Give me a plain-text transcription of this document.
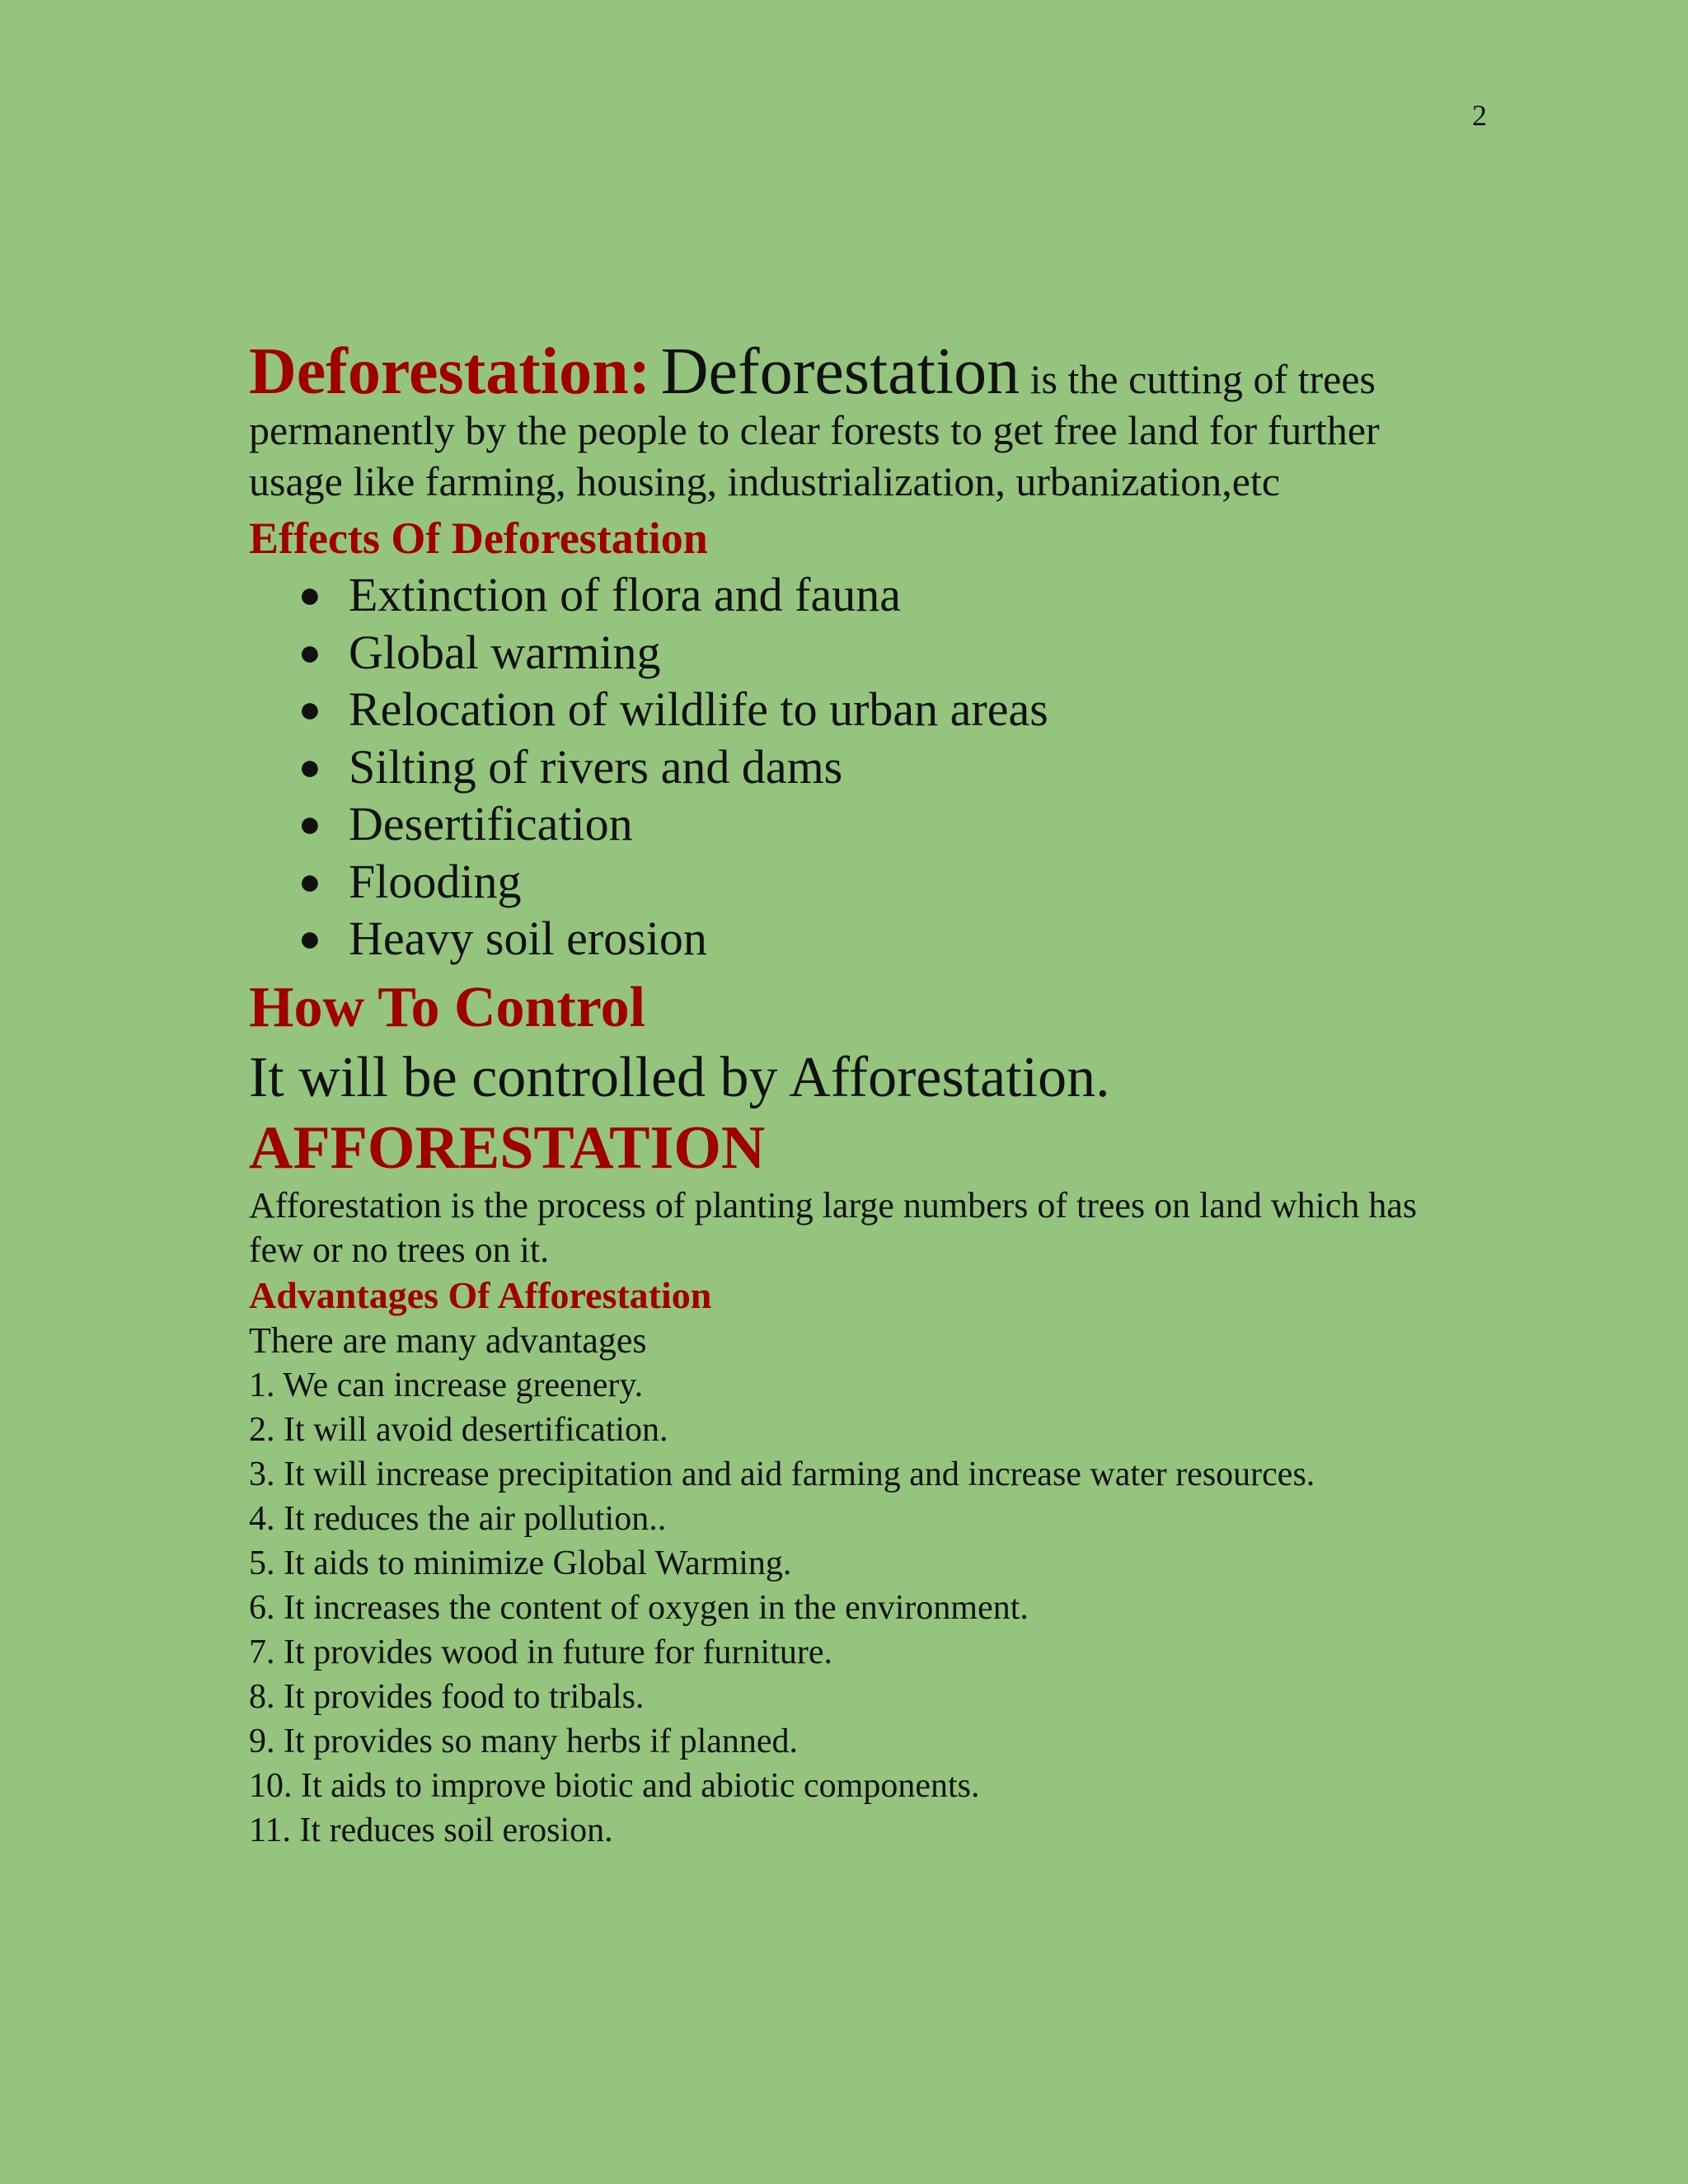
2

Deforestation: Deforestation is the cutting of trees permanently by the people to clear forests to get free land for further usage like farming, housing, industrialization, urbanization,etc

Effects Of Deforestation
● Extinction of flora and fauna
● Global warming
● Relocation of wildlife to urban areas
● Silting of rivers and dams
● Desertification
● Flooding
● Heavy soil erosion
How To Control

It will be controlled by Afforestation.

AFFORESTATION

Afforestation is the process of planting large numbers of trees on land which has few or no trees on it.

Advantages Of Afforestation

There are many advantages

1. We can increase greenery.
2. It will avoid desertification.
3. It will increase precipitation and aid farming and increase water resources.
4. It reduces the air pollution..
5. It aids to minimize Global Warming.
6. It increases the content of oxygen in the environment.
7. It provides wood in future for furniture.
8. It provides food to tribals.
9. It provides so many herbs if planned.
10. It aids to improve biotic and abiotic components.
11. It reduces soil erosion.
